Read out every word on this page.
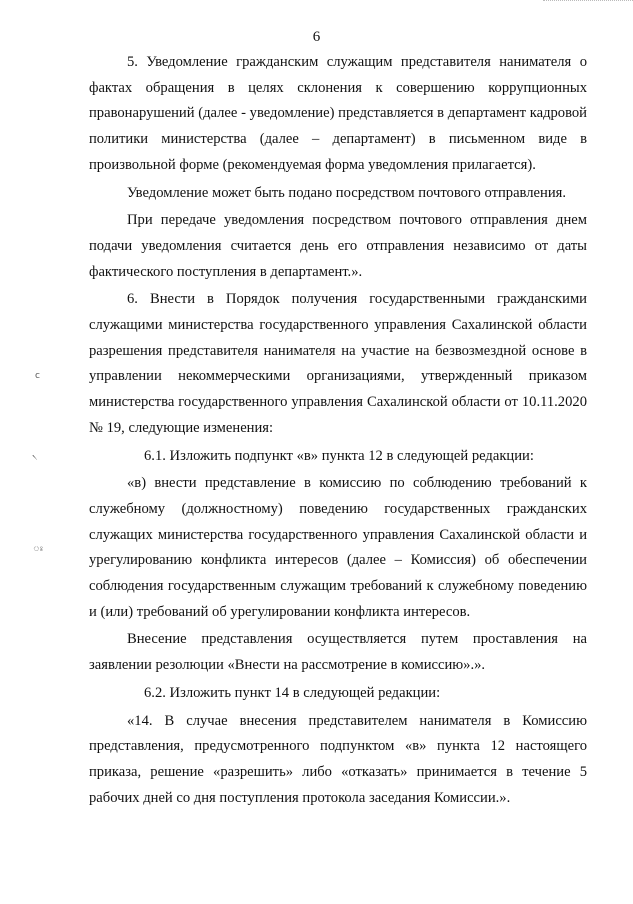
6

5. Уведомление гражданским служащим представителя нанимателя о фактах обращения в целях склонения к совершению коррупционных правонарушений (далее - уведомление) представляется в департамент кадровой политики министерства (далее – департамент) в письменном виде в произвольной форме (рекомендуемая форма уведомления прилагается).

Уведомление может быть подано посредством почтового отправления.

При передаче уведомления посредством почтового отправления днем подачи уведомления считается день его отправления независимо от даты фактического поступления в департамент.».

6. Внести в Порядок получения государственными гражданскими служащими министерства государственного управления Сахалинской области разрешения представителя нанимателя на участие на безвозмездной основе в управлении некоммерческими организациями, утвержденный приказом министерства государственного управления Сахалинской области от 10.11.2020 № 19, следующие изменения:

6.1. Изложить подпункт «в» пункта 12 в следующей редакции:

«в) внести представление в комиссию по соблюдению требований к служебному (должностному) поведению государственных гражданских служащих министерства государственного управления Сахалинской области и урегулированию конфликта интересов (далее – Комиссия) об обеспечении соблюдения государственным служащим требований к служебному поведению и (или) требований об урегулировании конфликта интересов.

Внесение представления осуществляется путем проставления на заявлении резолюции «Внести на рассмотрение в комиссию».».

6.2. Изложить пункт 14 в следующей редакции:

«14. В случае внесения представителем нанимателя в Комиссию представления, предусмотренного подпунктом «в» пункта 12 настоящего приказа, решение «разрешить» либо «отказать» принимается в течение 5 рабочих дней со дня поступления протокола заседания Комиссии.».

с
৲
ঃ
